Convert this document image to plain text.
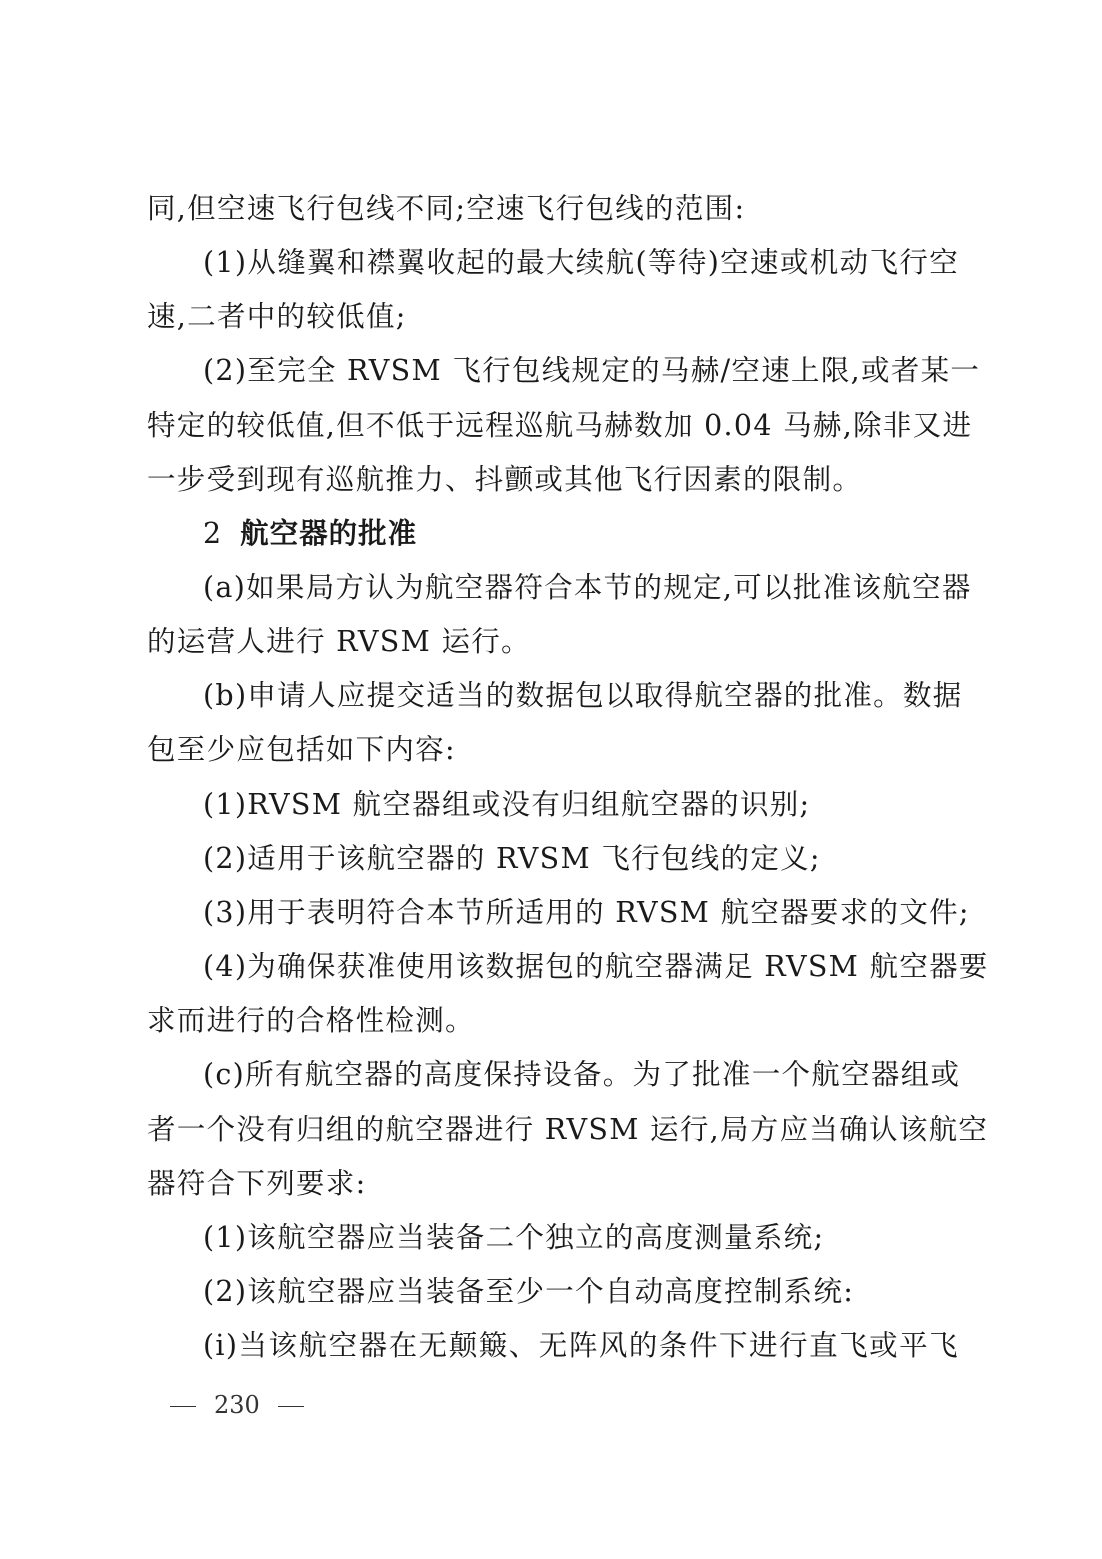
同,但空速飞行包线不同;空速飞行包线的范围:
(1)从缝翼和襟翼收起的最大续航(等待)空速或机动飞行空
速,二者中的较低值;
(2)至完全 RVSM 飞行包线规定的马赫/空速上限,或者某一
特定的较低值,但不低于远程巡航马赫数加 0.04 马赫,除非又进
一步受到现有巡航推力、抖颤或其他飞行因素的限制。
2 航空器的批准
(a)如果局方认为航空器符合本节的规定,可以批准该航空器
的运营人进行 RVSM 运行。
(b)申请人应提交适当的数据包以取得航空器的批准。数据
包至少应包括如下内容:
(1)RVSM 航空器组或没有归组航空器的识别;
(2)适用于该航空器的 RVSM 飞行包线的定义;
(3)用于表明符合本节所适用的 RVSM 航空器要求的文件;
(4)为确保获准使用该数据包的航空器满足 RVSM 航空器要
求而进行的合格性检测。
(c)所有航空器的高度保持设备。为了批准一个航空器组或
者一个没有归组的航空器进行 RVSM 运行,局方应当确认该航空
器符合下列要求:
(1)该航空器应当装备二个独立的高度测量系统;
(2)该航空器应当装备至少一个自动高度控制系统:
(i)当该航空器在无颠簸、无阵风的条件下进行直飞或平飞
230
